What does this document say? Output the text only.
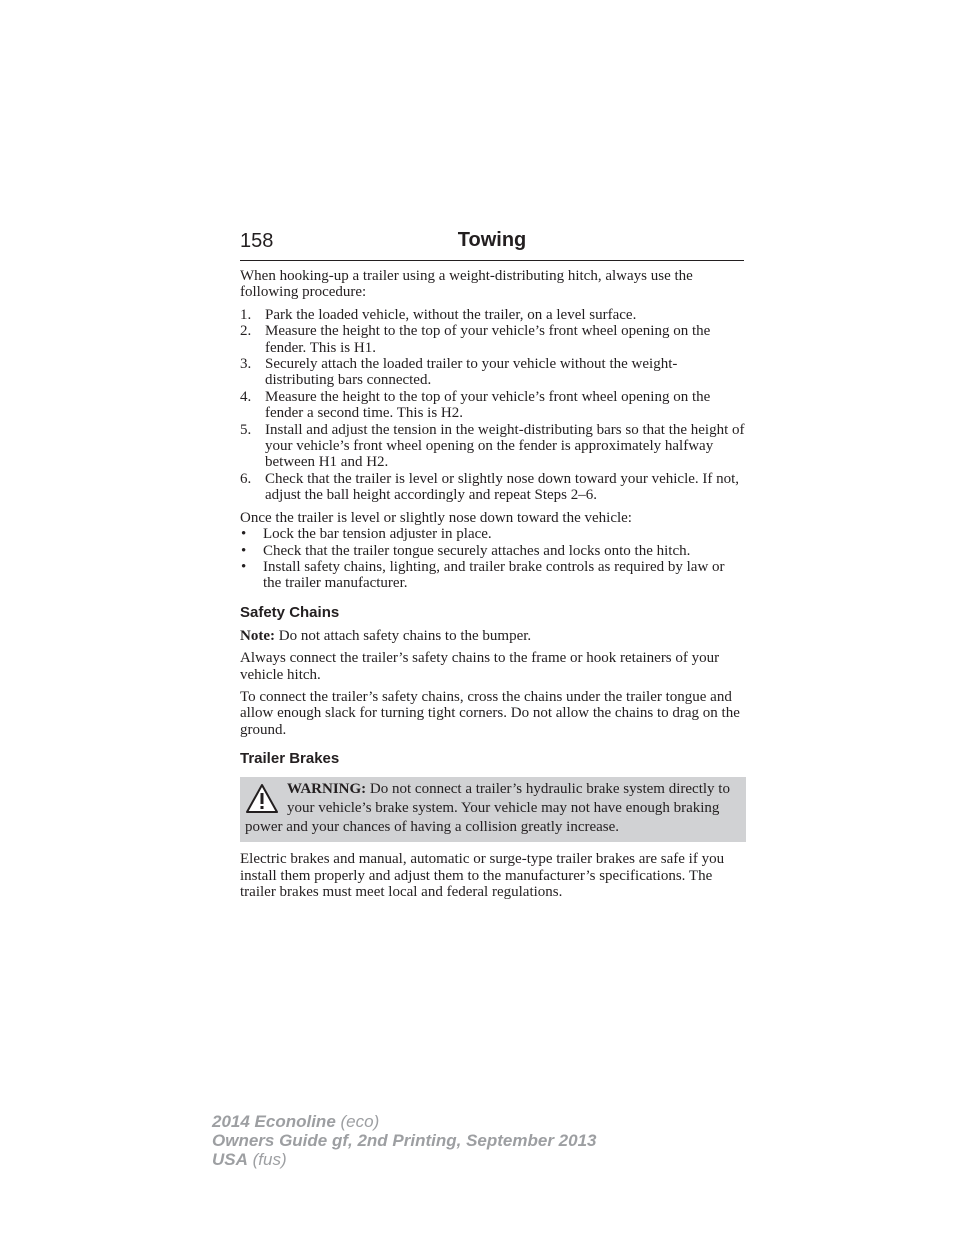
158	Towing

When hooking-up a trailer using a weight-distributing hitch, always use the following procedure:

1. Park the loaded vehicle, without the trailer, on a level surface.
2. Measure the height to the top of your vehicle’s front wheel opening on the fender. This is H1.
3. Securely attach the loaded trailer to your vehicle without the weight-distributing bars connected.
4. Measure the height to the top of your vehicle’s front wheel opening on the fender a second time. This is H2.
5. Install and adjust the tension in the weight-distributing bars so that the height of your vehicle’s front wheel opening on the fender is approximately halfway between H1 and H2.
6. Check that the trailer is level or slightly nose down toward your vehicle. If not, adjust the ball height accordingly and repeat Steps 2–6.

Once the trailer is level or slightly nose down toward the vehicle:

• Lock the bar tension adjuster in place.
• Check that the trailer tongue securely attaches and locks onto the hitch.
• Install safety chains, lighting, and trailer brake controls as required by law or the trailer manufacturer.
Safety Chains

Note: Do not attach safety chains to the bumper.

Always connect the trailer’s safety chains to the frame or hook retainers of your vehicle hitch.

To connect the trailer’s safety chains, cross the chains under the trailer tongue and allow enough slack for turning tight corners. Do not allow the chains to drag on the ground.

Trailer Brakes
WARNING: Do not connect a trailer’s hydraulic brake system directly to your vehicle’s brake system. Your vehicle may not have enough braking power and your chances of having a collision greatly increase.

Electric brakes and manual, automatic or surge-type trailer brakes are safe if you install them properly and adjust them to the manufacturer’s specifications. The trailer brakes must meet local and federal regulations.

2014 Econoline (eco)
Owners Guide gf, 2nd Printing, September 2013
USA (fus)
